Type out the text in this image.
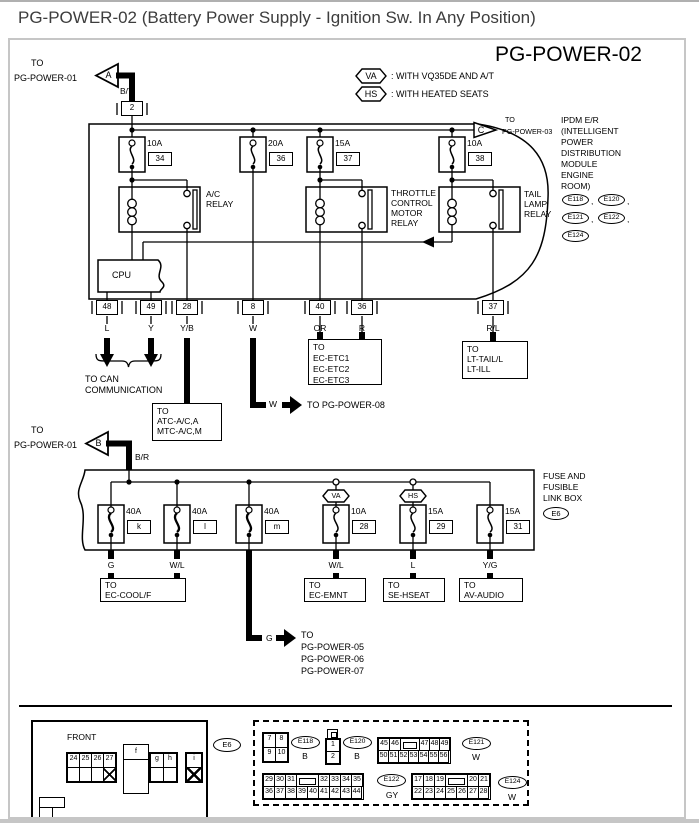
PG-POWER-02 (Battery Power Supply - Ignition Sw. In Any Position)
PG-POWER-02
VA	: WITH VQ35DE AND A/T
HS	: WITH HEATED SEATS
TO
PG-POWER-01	A
B/Y
2
C
TO
PG-POWER-03
10A
34
20A
36
15A
37
10A
38
A/C
RELAY
THROTTLE
CONTROL
MOTOR
RELAY
TAIL
LAMP
RELAY
IPDM E/R
(INTELLIGENT
POWER
DISTRIBUTION
MODULE
ENGINE
ROOM)
E118 ,	E120 ,
E121 ,	E122 ,
E124
CPU
48	49	28	8	40	36	37
L	Y	Y/B	W	OR	R	R/L
TO CAN
COMMUNICATION
TO
ATC-A/C,A
MTC-A/C,M
W	TO PG-POWER-08
TO
EC-ETC1
EC-ETC2
EC-ETC3
TO
LT-TAIL/L
LT-ILL
TO
PG-POWER-01	B
B/R
FUSE AND
FUSIBLE
LINK BOX
E6
VA	HS
40A
k
40A
l
40A
m
10A
28
15A
29
15A
31
G	W/L	G	W/L	L	Y/G
TO
EC-COOL/F
TO
EC-EMNT
TO
SE-HSEAT
TO
AV-AUDIO
G	TO
PG-POWER-05
PG-POWER-06
PG-POWER-07
FRONT
E6
24 25 26 27
f
g	h	i
7	8
9 10
E118
B
1
2
E120
B
45 46	47 48 49
50 51 52 53 54 55 56
E121
W
29 30 31	32 33 34 35
36 37 38 39 40 41 42 43 44
E122
GY
17 18 19	20 21
22 23 24 25 26 27 28
E124
W
